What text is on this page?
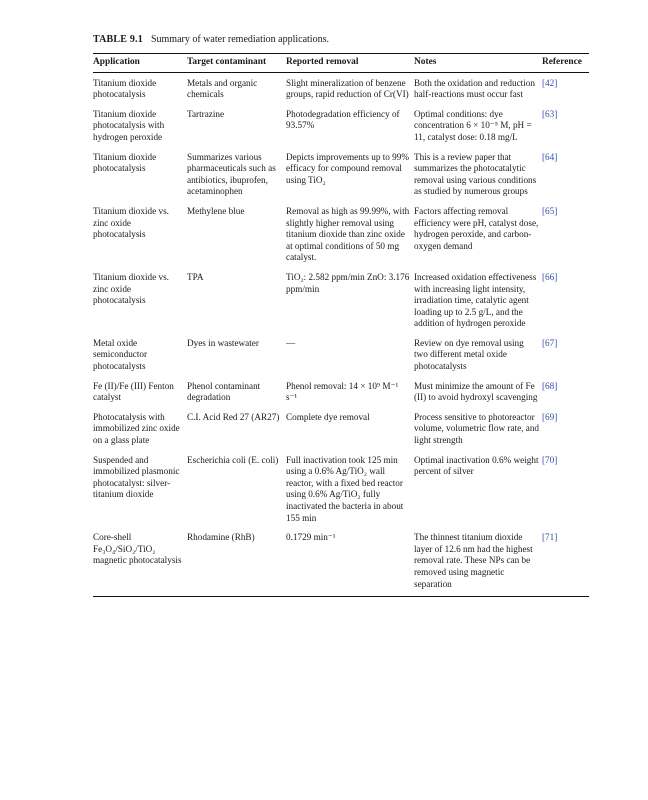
TABLE 9.1 Summary of water remediation applications.
Application	Target contaminant	Reported removal	Notes	Reference
Titanium dioxide photocatalysis	Metals and organic chemicals	Slight mineralization of benzene groups, rapid reduction of Cr(VI)	Both the oxidation and reduction half-reactions must occur fast	[42]
Titanium dioxide photocatalysis with hydrogen peroxide	Tartrazine	Photodegradation efficiency of 93.57%	Optimal conditions: dye concentration 6 × 10⁻⁵ M, pH = 11, catalyst dose: 0.18 mg/L	[63]
Titanium dioxide photocatalysis	Summarizes various pharmaceuticals such as antibiotics, ibuprofen, acetaminophen	Depicts improvements up to 99% efficacy for compound removal using TiO₂	This is a review paper that summarizes the photocatalytic removal using various conditions as studied by numerous groups	[64]
Titanium dioxide vs. zinc oxide photocatalysis	Methylene blue	Removal as high as 99.99%, with slightly higher removal using titanium dioxide than zinc oxide at optimal conditions of 50 mg catalyst.	Factors affecting removal efficiency were pH, catalyst dose, hydrogen peroxide, and carbon-oxygen demand	[65]
Titanium dioxide vs. zinc oxide photocatalysis	TPA	TiO₂: 2.582 ppm/min ZnO: 3.176 ppm/min	Increased oxidation effectiveness with increasing light intensity, irradiation time, catalytic agent loading up to 2.5 g/L, and the addition of hydrogen peroxide	[66]
Metal oxide semiconductor photocatalysts	Dyes in wastewater	—	Review on dye removal using two different metal oxide photocatalysts	[67]
Fe (II)/Fe (III) Fenton catalyst	Phenol contaminant degradation	Phenol removal: 14 × 10⁹ M⁻¹ s⁻¹	Must minimize the amount of Fe (II) to avoid hydroxyl scavenging	[68]
Photocatalysis with immobilized zinc oxide on a glass plate	C.I. Acid Red 27 (AR27)	Complete dye removal	Process sensitive to photoreactor volume, volumetric flow rate, and light strength	[69]
Suspended and immobilized plasmonic photocatalyst: silver- titanium dioxide	Escherichia coli (E. coli)	Full inactivation took 125 min using a 0.6% Ag/TiO₂ wall reactor, with a fixed bed reactor using 0.6% Ag/TiO₂ fully inactivated the bacteria in about 155 min	Optimal inactivation 0.6% weight percent of silver	[70]
Core-shell Fe₃O₄/SiO₂/TiO₂ magnetic photocatalysis	Rhodamine (RhB)	0.1729 min⁻¹	The thinnest titanium dioxide layer of 12.6 nm had the highest removal rate. These NPs can be removed using magnetic separation	[71]
